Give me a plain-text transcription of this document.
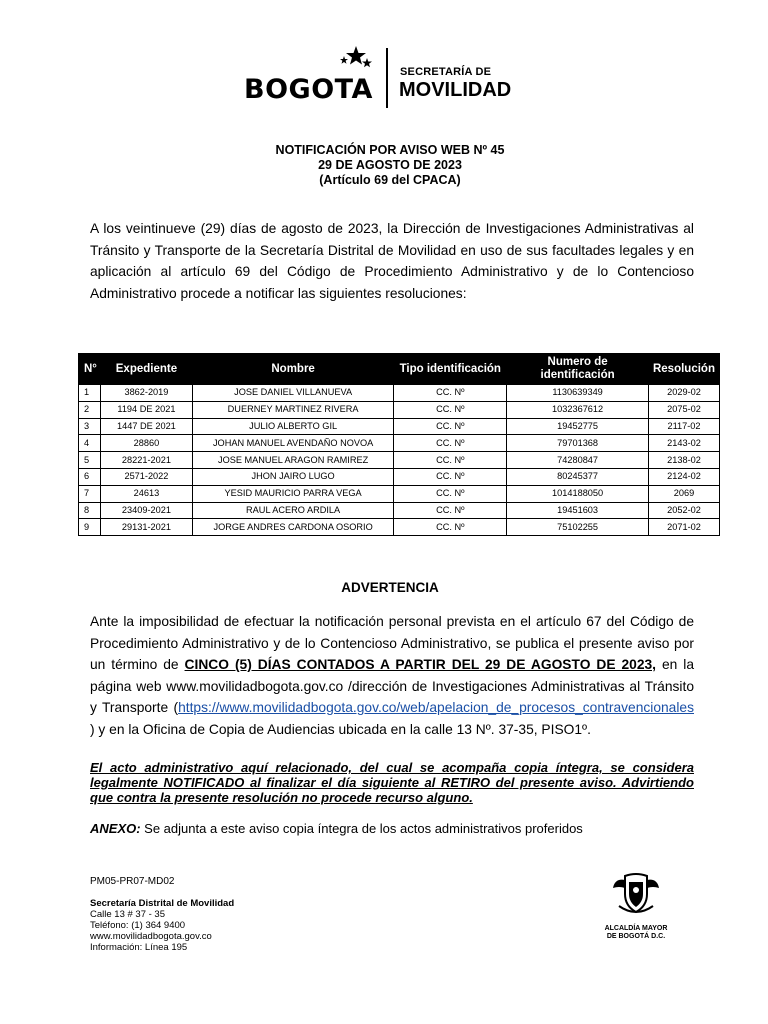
BOGOTA
SECRETARÍA DE
MOVILIDAD
NOTIFICACIÓN POR AVISO WEB Nº 45
29 DE AGOSTO DE 2023
(Artículo 69 del CPACA)
A los veintinueve (29) días de agosto de 2023, la Dirección de Investigaciones Administrativas al Tránsito y Transporte de la Secretaría Distrital de Movilidad en uso de sus facultades legales y en aplicación al artículo 69 del Código de Procedimiento Administrativo y de lo Contencioso Administrativo procede a notificar las siguientes resoluciones:
N°	Expediente	Nombre	Tipo identificación	Numero de identificación	Resolución
1	3862-2019	JOSE DANIEL VILLANUEVA	CC. Nº	1130639349	2029-02
2	1194 DE 2021	DUERNEY MARTINEZ RIVERA	CC. Nº	1032367612	2075-02
3	1447 DE 2021	JULIO ALBERTO GIL	CC. Nº	19452775	2117-02
4	28860	JOHAN MANUEL AVENDAÑO NOVOA	CC. Nº	79701368	2143-02
5	28221-2021	JOSE MANUEL ARAGON RAMIREZ	CC. Nº	74280847	2138-02
6	2571-2022	JHON JAIRO LUGO	CC. Nº	80245377	2124-02
7	24613	YESID MAURICIO PARRA VEGA	CC. Nº	1014188050	2069
8	23409-2021	RAUL ACERO ARDILA	CC. Nº	19451603	2052-02
9	29131-2021	JORGE ANDRES CARDONA OSORIO	CC. Nº	75102255	2071-02
ADVERTENCIA
Ante la imposibilidad de efectuar la notificación personal prevista en el artículo 67 del Código de Procedimiento Administrativo y de lo Contencioso Administrativo, se publica el presente aviso por un término de CINCO (5) DÍAS CONTADOS A PARTIR DEL 29 DE AGOSTO DE 2023, en la página web www.movilidadbogota.gov.co /dirección de Investigaciones Administrativas al Tránsito y Transporte (https://www.movilidadbogota.gov.co/web/apelacion_de_procesos_contravencionales ) y en la Oficina de Copia de Audiencias ubicada en la calle 13 Nº. 37-35, PISO1º.
El acto administrativo aquí relacionado, del cual se acompaña copia íntegra, se considera legalmente NOTIFICADO al finalizar el día siguiente al RETIRO del presente aviso. Advirtiendo que contra la presente resolución no procede recurso alguno.
ANEXO: Se adjunta a este aviso copia íntegra de los actos administrativos proferidos
PM05-PR07-MD02
Secretaría Distrital de Movilidad
Calle 13 # 37 - 35
Teléfono: (1) 364 9400
www.movilidadbogota.gov.co
Información: Línea 195
ALCALDÍA MAYOR
DE BOGOTÁ D.C.
